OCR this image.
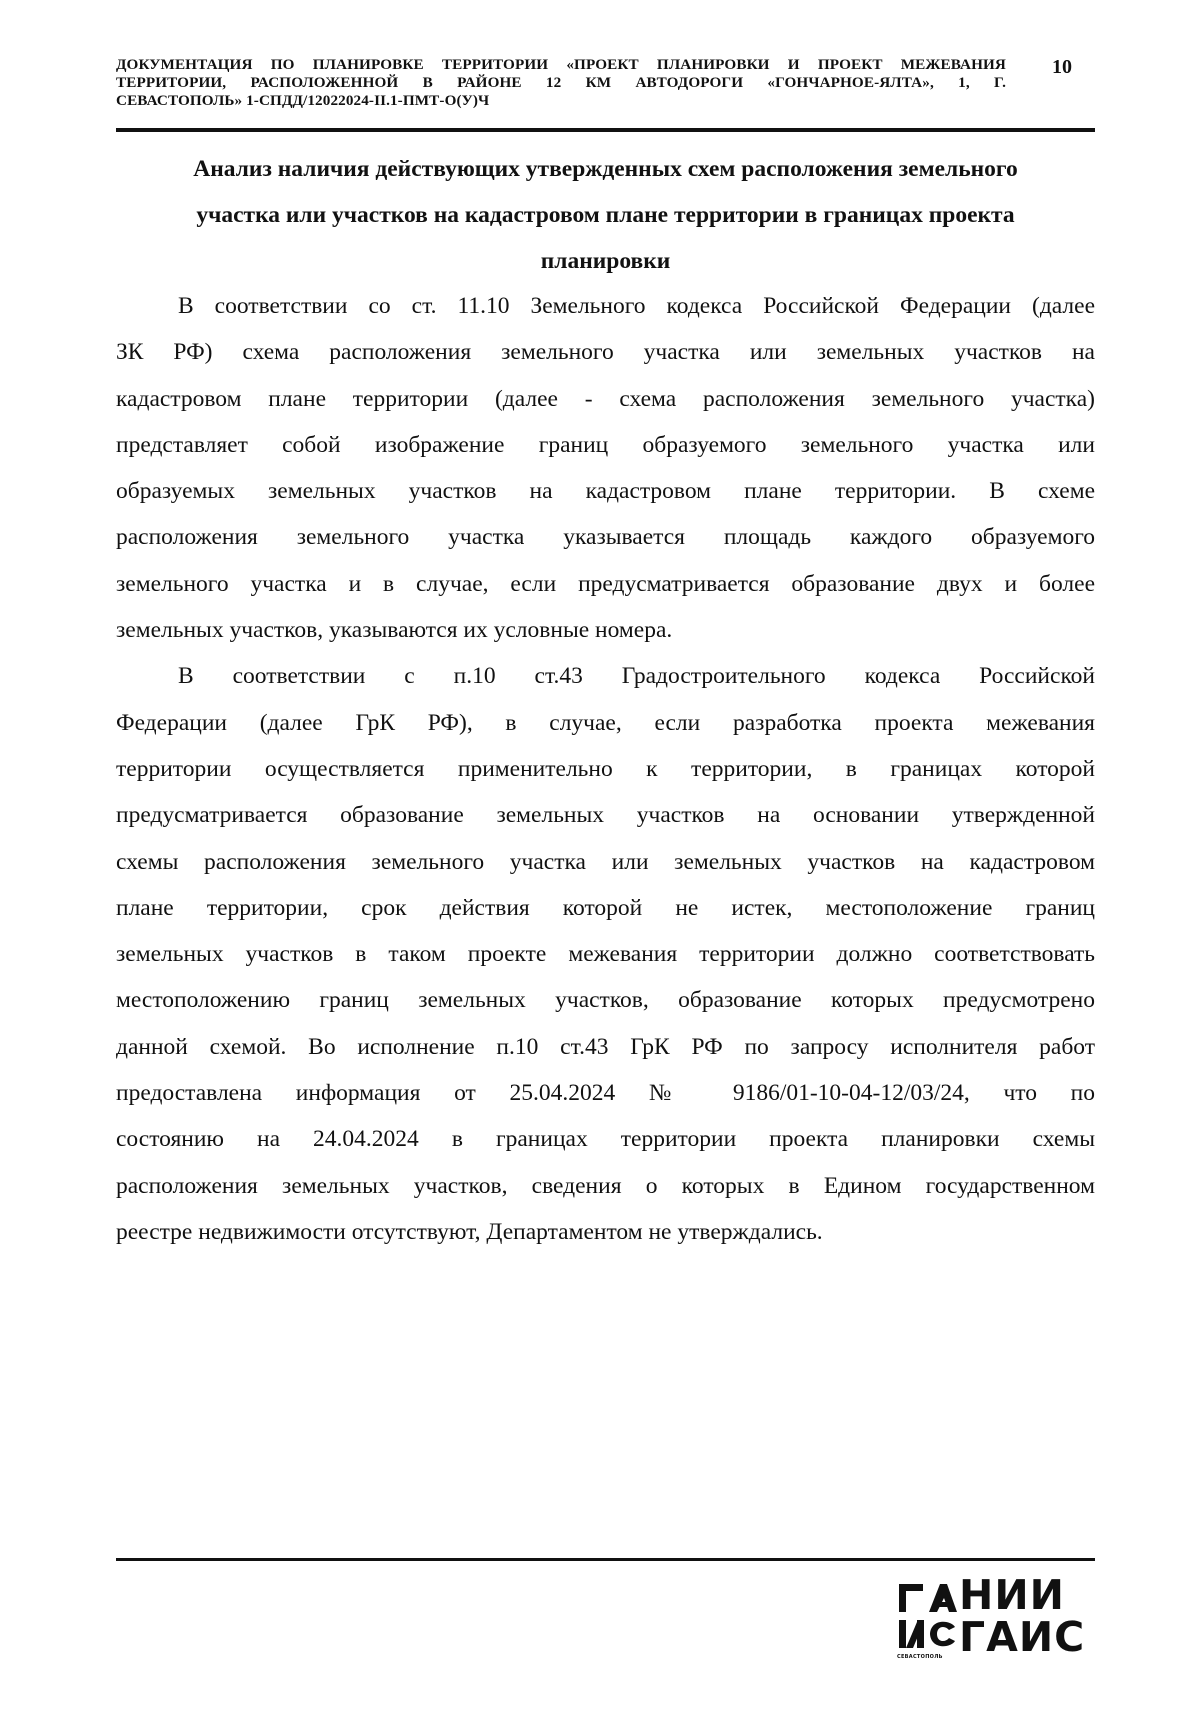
ДОКУМЕНТАЦИЯ ПО ПЛАНИРОВКЕ ТЕРРИТОРИИ «ПРОЕКТ ПЛАНИРОВКИ И ПРОЕКТ МЕЖЕВАНИЯ
ТЕРРИТОРИИ, РАСПОЛОЖЕННОЙ В РАЙОНЕ 12 КМ АВТОДОРОГИ «ГОНЧАРНОЕ-ЯЛТА», 1, Г.
СЕВАСТОПОЛЬ» 1-СПДД/12022024-II.1-ПМТ-О(У)Ч
10
Анализ наличия действующих утвержденных схем расположения земельного
участка или участков на кадастровом плане территории в границах проекта
планировки
В соответствии со ст. 11.10 Земельного кодекса Российской Федерации (далее
ЗК РФ) схема расположения земельного участка или земельных участков на
кадастровом плане территории (далее - схема расположения земельного участка)
представляет собой изображение границ образуемого земельного участка или
образуемых земельных участков на кадастровом плане территории. В схеме
расположения земельного участка указывается площадь каждого образуемого
земельного участка и в случае, если предусматривается образование двух и более
земельных участков, указываются их условные номера.
В соответствии с п.10 ст.43 Градостроительного кодекса Российской
Федерации (далее ГрК РФ), в случае, если разработка проекта межевания
территории осуществляется применительно к территории, в границах которой
предусматривается образование земельных участков на основании утвержденной
схемы расположения земельного участка или земельных участков на кадастровом
плане территории, срок действия которой не истек, местоположение границ
земельных участков в таком проекте межевания территории должно соответствовать
местоположению границ земельных участков, образование которых предусмотрено
данной схемой. Во исполнение п.10 ст.43 ГрК РФ по запросу исполнителя работ
предоставлена информация от 25.04.2024 № 9186/01-10-04-12/03/24, что по
состоянию на 24.04.2024 в границах территории проекта планировки схемы
расположения земельных участков, сведения о которых в Едином государственном
реестре недвижимости отсутствуют, Департаментом не утверждались.
НИИ
ГАИС
СЕВАСТОПОЛЬ
